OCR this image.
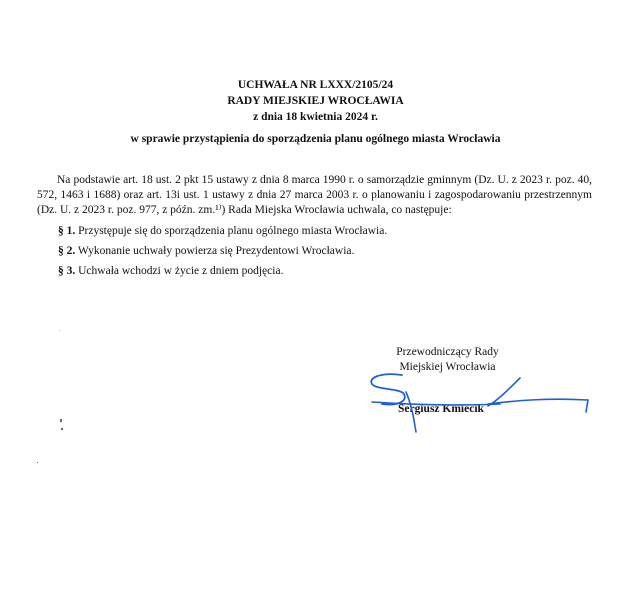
UCHWAŁA NR LXXX/2105/24
RADY MIEJSKIEJ WROCŁAWIA
z dnia 18 kwietnia 2024 r.
w sprawie przystąpienia do sporządzenia planu ogólnego miasta Wrocławia
Na podstawie art. 18 ust. 2 pkt 15 ustawy z dnia 8 marca 1990 r. o samorządzie gminnym (Dz. U. z 2023 r. poz. 40, 572, 1463 i 1688) oraz art. 13i ust. 1 ustawy z dnia 27 marca 2003 r. o planowaniu i zagospodarowaniu przestrzennym (Dz. U. z 2023 r. poz. 977, z późn. zm.¹⁾) Rada Miejska Wrocławia uchwala, co następuje:
§ 1. Przystępuje się do sporządzenia planu ogólnego miasta Wrocławia.
§ 2. Wykonanie uchwały powierza się Prezydentowi Wrocławia.
§ 3. Uchwała wchodzi w życie z dniem podjęcia.
Przewodniczący Rady
Miejskiej Wrocławia
Sergiusz Kmiecik
